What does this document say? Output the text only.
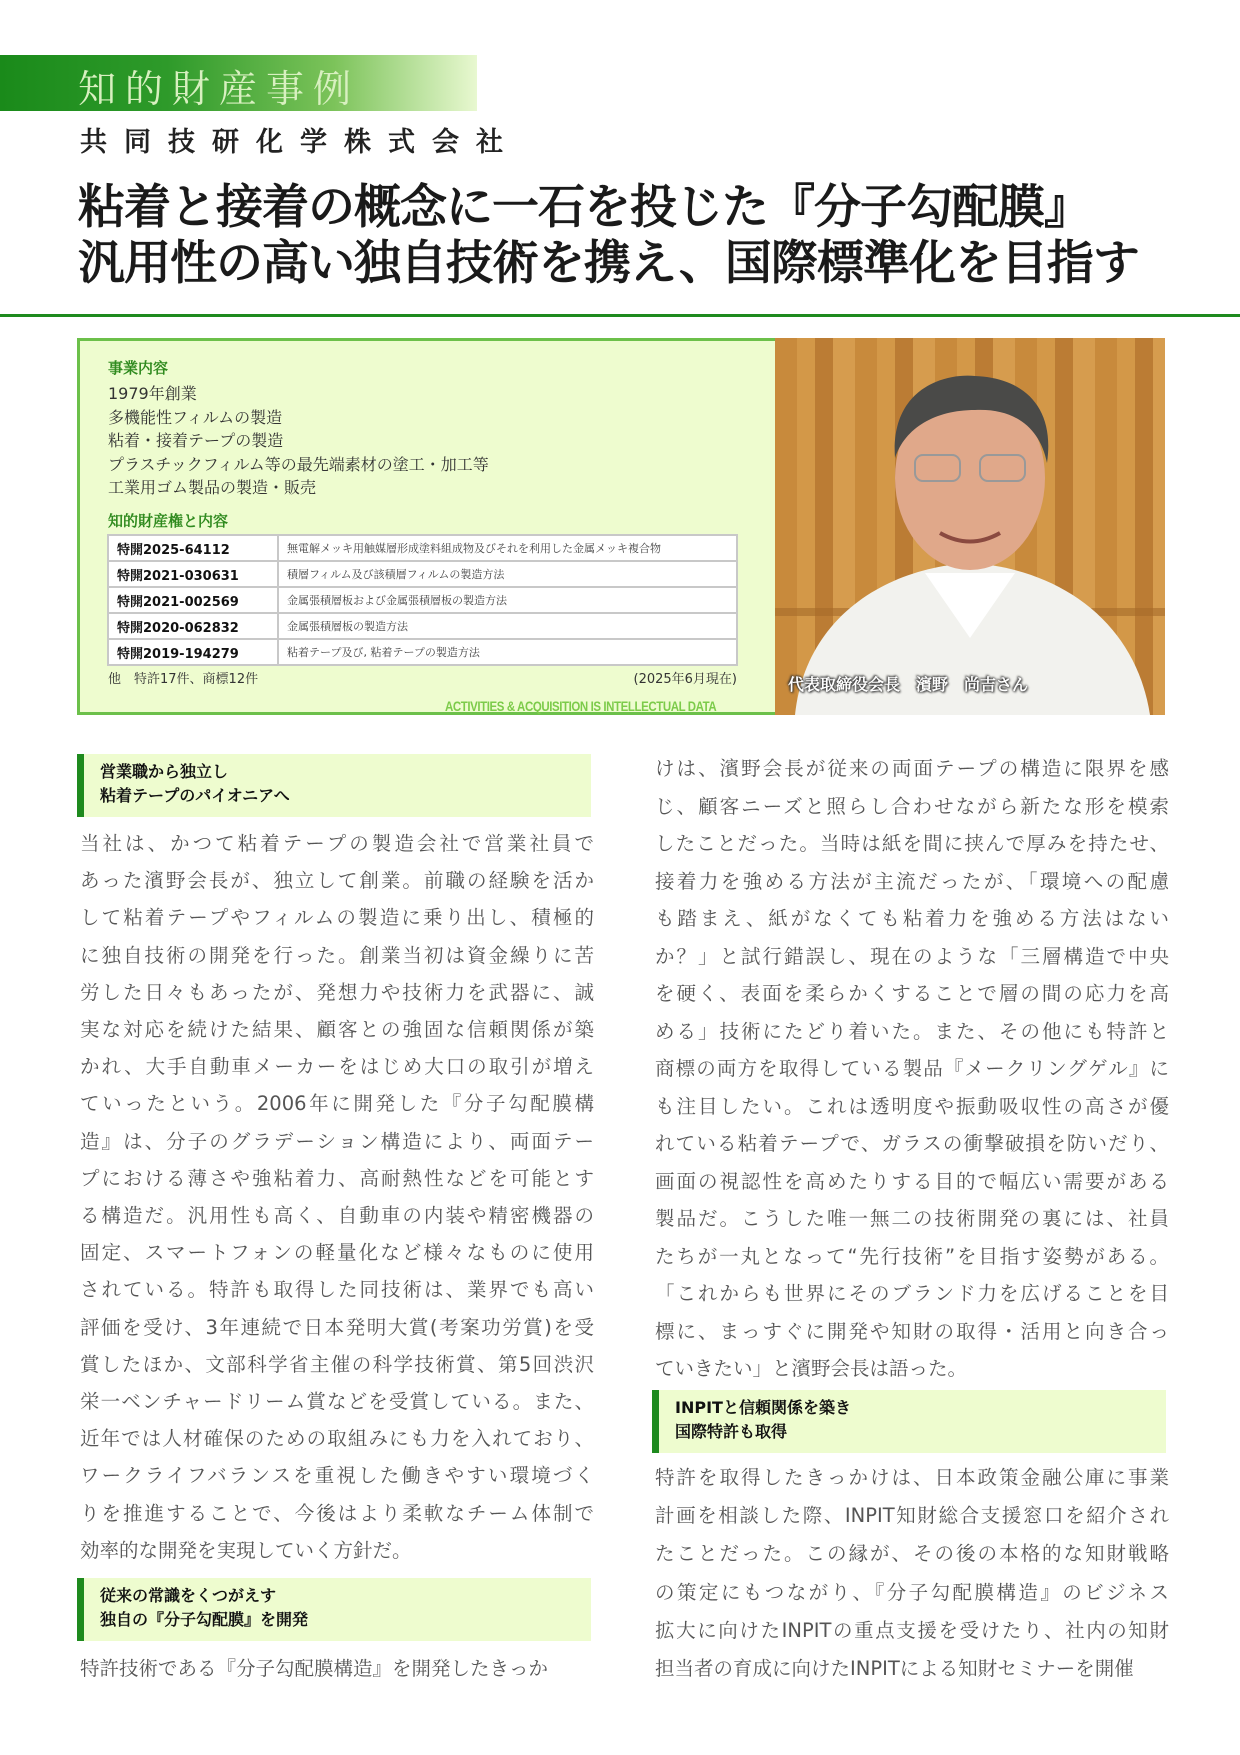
知的財産事例
共同技研化学株式会社
粘着と接着の概念に一石を投じた『分子勾配膜』
汎用性の高い独自技術を携え、国際標準化を目指す
事業内容
1979年創業
多機能性フィルムの製造
粘着・接着テープの製造
プラスチックフィルム等の最先端素材の塗工・加工等
工業用ゴム製品の製造・販売
知的財産権と内容
特開2025-64112	無電解メッキ用触媒層形成塗料組成物及びそれを利用した金属メッキ複合物
特開2021-030631	積層フィルム及び該積層フィルムの製造方法
特開2021-002569	金属張積層板および金属張積層板の製造方法
特開2020-062832	金属張積層板の製造方法
特開2019-194279	粘着テープ及び, 粘着テープの製造方法
他　特許17件、商標12件	(2025年6月現在)
ACTIVITIES & ACQUISITION IS INTELLECTUAL DATA
代表取締役会長　濱野　尚吉さん
営業職から独立し
粘着テープのパイオニアへ
従来の常識をくつがえす
独自の『分子勾配膜』を開発
INPITと信頼関係を築き
国際特許も取得
当社は、かつて粘着テープの製造会社で営業社員で
あった濱野会長が、独立して創業。前職の経験を活か
して粘着テープやフィルムの製造に乗り出し、積極的
に独自技術の開発を行った。創業当初は資金繰りに苦
労した日々もあったが、発想力や技術力を武器に、誠
実な対応を続けた結果、顧客との強固な信頼関係が築
かれ、大手自動車メーカーをはじめ大口の取引が増え
ていったという。2006年に開発した『分子勾配膜構
造』は、分子のグラデーション構造により、両面テー
プにおける薄さや強粘着力、高耐熱性などを可能とす
る構造だ。汎用性も高く、自動車の内装や精密機器の
固定、スマートフォンの軽量化など様々なものに使用
されている。特許も取得した同技術は、業界でも高い
評価を受け、3年連続で日本発明大賞(考案功労賞)を受
賞したほか、文部科学省主催の科学技術賞、第5回渋沢
栄一ベンチャードリーム賞などを受賞している。また、
近年では人材確保のための取組みにも力を入れており、
ワークライフバランスを重視した働きやすい環境づく
りを推進することで、今後はより柔軟なチーム体制で
効率的な開発を実現していく方針だ。
特許技術である『分子勾配膜構造』を開発したきっか
けは、濱野会長が従来の両面テープの構造に限界を感
じ、顧客ニーズと照らし合わせながら新たな形を模索
したことだった。当時は紙を間に挟んで厚みを持たせ、
接着力を強める方法が主流だったが、「環境への配慮
も踏まえ、紙がなくても粘着力を強める方法はない
か？」と試行錯誤し、現在のような「三層構造で中央
を硬く、表面を柔らかくすることで層の間の応力を高
める」技術にたどり着いた。また、その他にも特許と
商標の両方を取得している製品『メークリングゲル』に
も注目したい。これは透明度や振動吸収性の高さが優
れている粘着テープで、ガラスの衝撃破損を防いだり、
画面の視認性を高めたりする目的で幅広い需要がある
製品だ。こうした唯一無二の技術開発の裏には、社員
たちが一丸となって“先行技術”を目指す姿勢がある。
「これからも世界にそのブランド力を広げることを目
標に、まっすぐに開発や知財の取得・活用と向き合っ
ていきたい」と濱野会長は語った。
特許を取得したきっかけは、日本政策金融公庫に事業
計画を相談した際、INPIT知財総合支援窓口を紹介され
たことだった。この縁が、その後の本格的な知財戦略
の策定にもつながり、『分子勾配膜構造』のビジネス
拡大に向けたINPITの重点支援を受けたり、社内の知財
担当者の育成に向けたINPITによる知財セミナーを開催
